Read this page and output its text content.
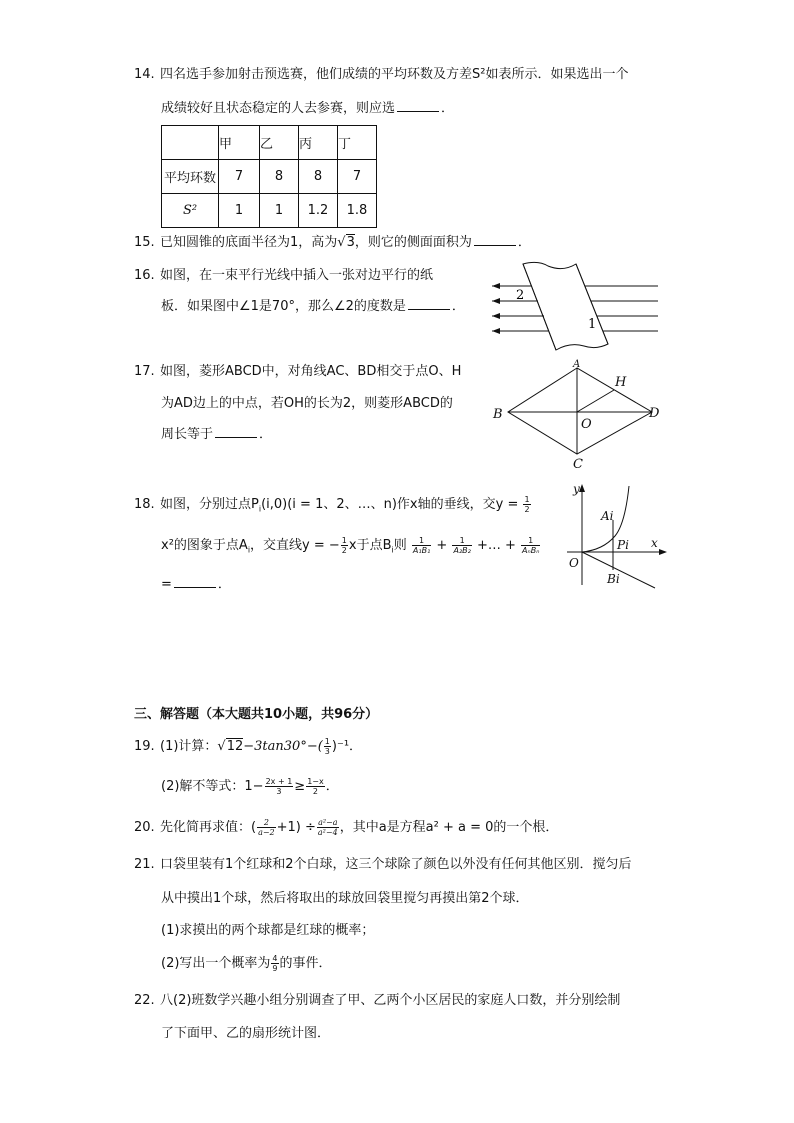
14. 四名选手参加射击预选赛，他们成绩的平均环数及方差S²如表所示．如果选出一个
成绩较好且状态稳定的人去参赛，则应选	．
	甲	乙	丙	丁
平均环数	7	8	8	7
S²	1	1	1.2	1.8
15. 已知圆锥的底面半径为1，高为√3，则它的侧面面积为	．
16. 如图，在一束平行光线中插入一张对边平行的纸
板．如果图中∠1是70°，那么∠2的度数是	．
2
1
17. 如图，菱形ABCD中，对角线AC、BD相交于点O、H
为AD边上的中点，若OH的长为2，则菱形ABCD的
周长等于	．
A
B
C
D
H
O
18. 如图，分别过点$P_i(i,0)(i = 1$、2、…、n)作x轴的垂线，交$y = \frac{1}{2}$
x²的图象于点$A_i$，交直线y = − $\frac{1}{2}$ x于点$B_i$则 $\frac{1}{\text{A₁B₁}} + \frac{1}{\text{A₂B₂}}$ +… + $\frac{1}{\text{AₙBₙ}}$
=	．
y
x
O
Ai
Pi
Bi
三、解答题（本大题共10小题，共96分）
19. (1)计算：$√12-3\tan 30^\circ-( \frac{1}{3} )^{-1}$．
(2)解不等式：$1- \frac{2x + 1}{3} \ge \frac{1-x}{2}$ ．
20. 先化简再求值：( $\frac{2}{a-2} +1) \div \frac{\text{a²−a}}{\text{a²−4}}$ ，其中a是方程a² + a = 0的一个根．
21. 口袋里装有1个红球和2个白球，这三个球除了颜色以外没有任何其他区别．搅匀后
从中摸出1个球，然后将取出的球放回袋里搅匀再摸出第2个球．
(1)求摸出的两个球都是红球的概率；
(2)写出一个概率为 $\frac{4}{9}$ 的事件．
22. 八(2)班数学兴趣小组分别调查了甲、乙两个小区居民的家庭人口数，并分别绘制
了下面甲、乙的扇形统计图．
